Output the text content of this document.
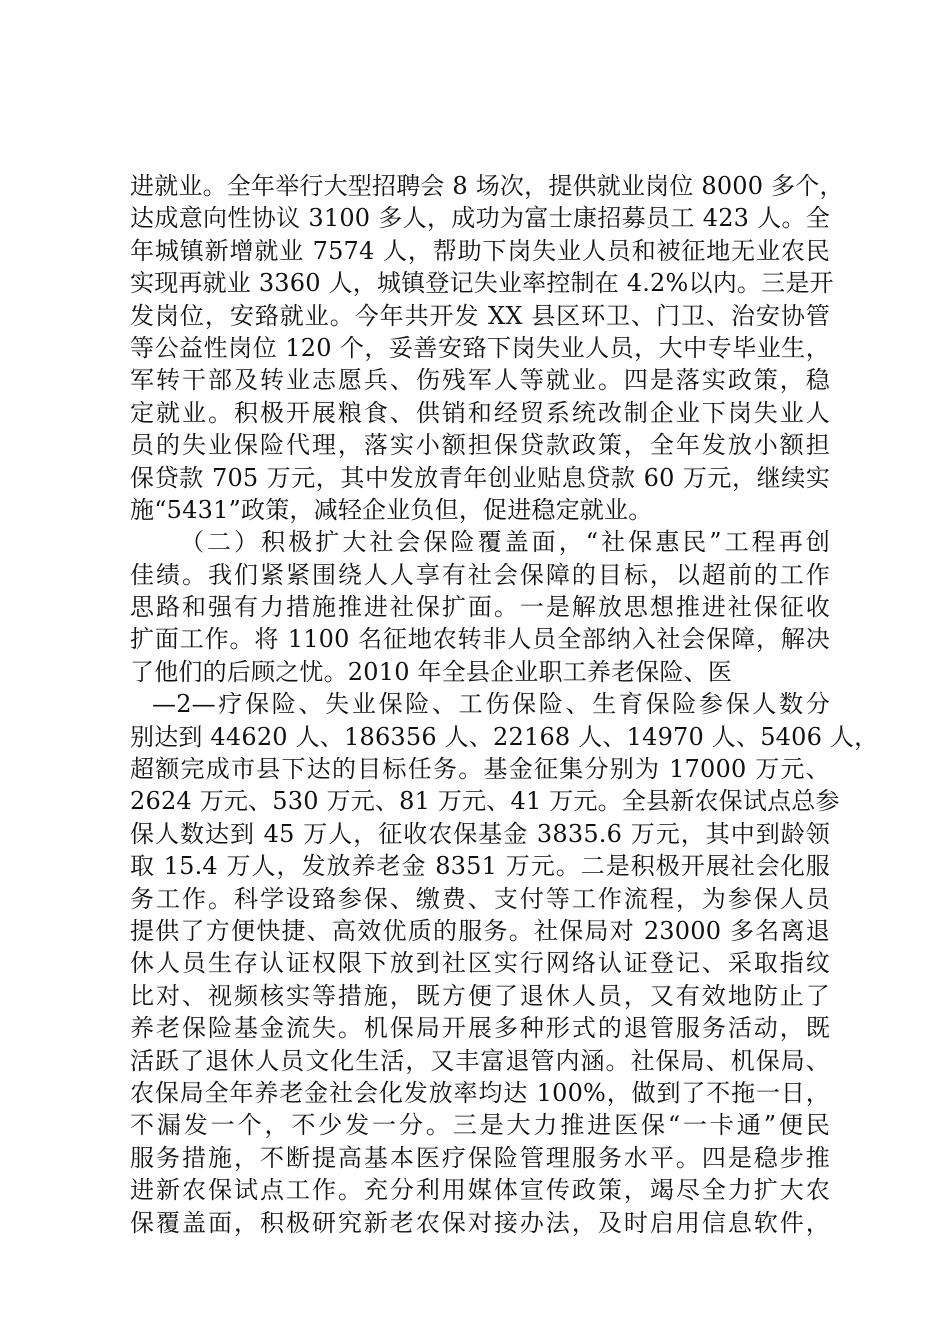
进就业。全年举行大型招聘会 8 场次，提供就业岗位 8000 多个，
达成意向性协议 3100 多人，成功为富士康招募员工 423 人。全
年城镇新增就业 7574 人，帮助下岗失业人员和被征地无业农民
实现再就业 3360 人，城镇登记失业率控制在 4.2%以内。三是开
发岗位，安臵就业。今年共开发 XX 县区环卫、门卫、治安协管
等公益性岗位 120 个，妥善安臵下岗失业人员，大中专毕业生，
军转干部及转业志愿兵、伤残军人等就业。四是落实政策，稳
定就业。积极开展粮食、供销和经贸系统改制企业下岗失业人
员的失业保险代理，落实小额担保贷款政策，全年发放小额担
保贷款 705 万元，其中发放青年创业贴息贷款 60 万元，继续实
施“5431”政策，减轻企业负但，促进稳定就业。
（二）积极扩大社会保险覆盖面，“社保惠民”工程再创
佳绩。我们紧紧围绕人人享有社会保障的目标，以超前的工作
思路和强有力措施推进社保扩面。一是解放思想推进社保征收
扩面工作。将 1100 名征地农转非人员全部纳入社会保障，解决
了他们的后顾之忧。2010 年全县企业职工养老保险、医
—2—疗保险、失业保险、工伤保险、生育保险参保人数分
别达到 44620 人、186356 人、22168 人、14970 人、5406 人，
超额完成市县下达的目标任务。基金征集分别为 17000 万元、
2624 万元、530 万元、81 万元、41 万元。全县新农保试点总参
保人数达到 45 万人，征收农保基金 3835.6 万元，其中到龄领
取 15.4 万人，发放养老金 8351 万元。二是积极开展社会化服
务工作。科学设臵参保、缴费、支付等工作流程，为参保人员
提供了方便快捷、高效优质的服务。社保局对 23000 多名离退
休人员生存认证权限下放到社区实行网络认证登记、采取指纹
比对、视频核实等措施，既方便了退休人员，又有效地防止了
养老保险基金流失。机保局开展多种形式的退管服务活动，既
活跃了退休人员文化生活，又丰富退管内涵。社保局、机保局、
农保局全年养老金社会化发放率均达 100%，做到了不拖一日，
不漏发一个，不少发一分。三是大力推进医保“一卡通”便民
服务措施，不断提高基本医疗保险管理服务水平。四是稳步推
进新农保试点工作。充分利用媒体宣传政策，竭尽全力扩大农
保覆盖面，积极研究新老农保对接办法，及时启用信息软件，
